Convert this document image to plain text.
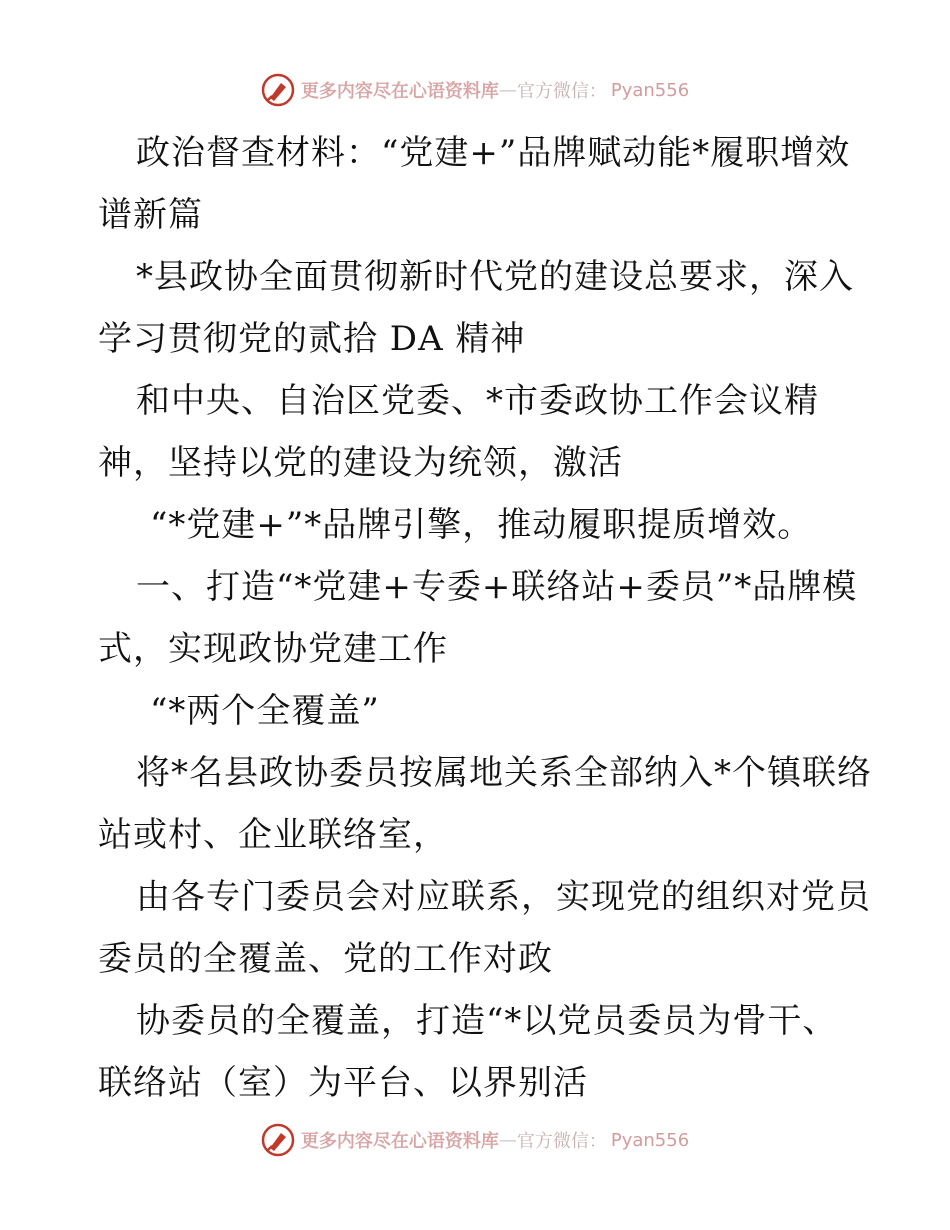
更多内容尽在心语资料库 — 官方微信： Pyan556
政治督查材料：“党建+”品牌赋动能*履职增效
谱新篇
*县政协全面贯彻新时代党的建设总要求，深入
学习贯彻党的贰拾 DA 精神
和中央、自治区党委、*市委政协工作会议精
神，坚持以党的建设为统领，激活
“*党建+”*品牌引擎，推动履职提质增效。
一、打造“*党建+专委+联络站+委员”*品牌模
式，实现政协党建工作
“*两个全覆盖”
将*名县政协委员按属地关系全部纳入*个镇联络
站或村、企业联络室，
由各专门委员会对应联系，实现党的组织对党员
委员的全覆盖、党的工作对政
协委员的全覆盖，打造“*以党员委员为骨干、
联络站（室）为平台、以界别活
更多内容尽在心语资料库 — 官方微信： Pyan556
